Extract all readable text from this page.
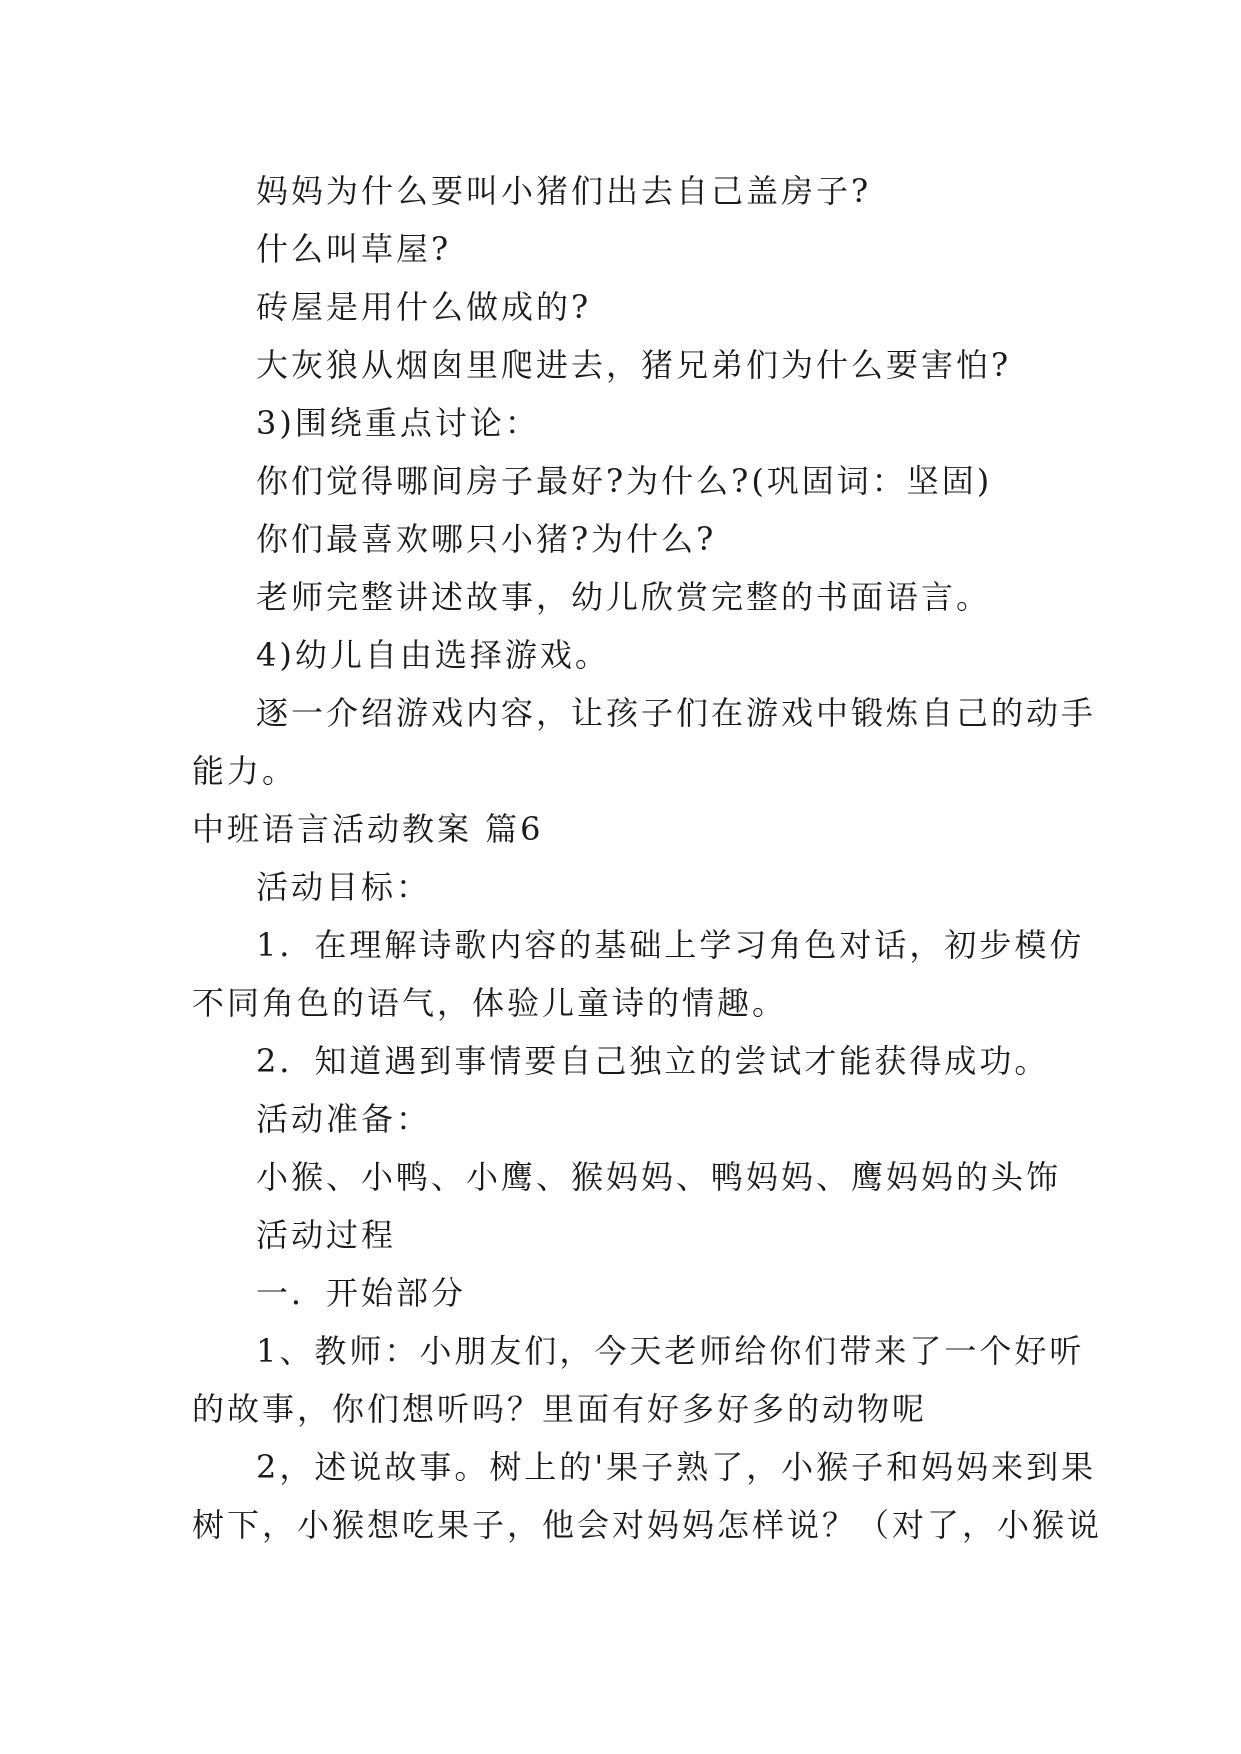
妈妈为什么要叫小猪们出去自己盖房子?

什么叫草屋?

砖屋是用什么做成的?

大灰狼从烟囱里爬进去，猪兄弟们为什么要害怕?

3)围绕重点讨论：

你们觉得哪间房子最好?为什么?(巩固词：坚固)

你们最喜欢哪只小猪?为什么?

老师完整讲述故事，幼儿欣赏完整的书面语言。

4)幼儿自由选择游戏。

逐一介绍游戏内容，让孩子们在游戏中锻炼自己的动手

能力。

中班语言活动教案 篇6

活动目标：

1．在理解诗歌内容的基础上学习角色对话，初步模仿

不同角色的语气，体验儿童诗的情趣。

2．知道遇到事情要自己独立的尝试才能获得成功。

活动准备：

小猴、小鸭、小鹰、猴妈妈、鸭妈妈、鹰妈妈的头饰

活动过程

一．开始部分

1、教师：小朋友们，今天老师给你们带来了一个好听

的故事，你们想听吗？里面有好多好多的动物呢

2，述说故事。树上的'果子熟了，小猴子和妈妈来到果

树下，小猴想吃果子，他会对妈妈怎样说？（对了，小猴说
